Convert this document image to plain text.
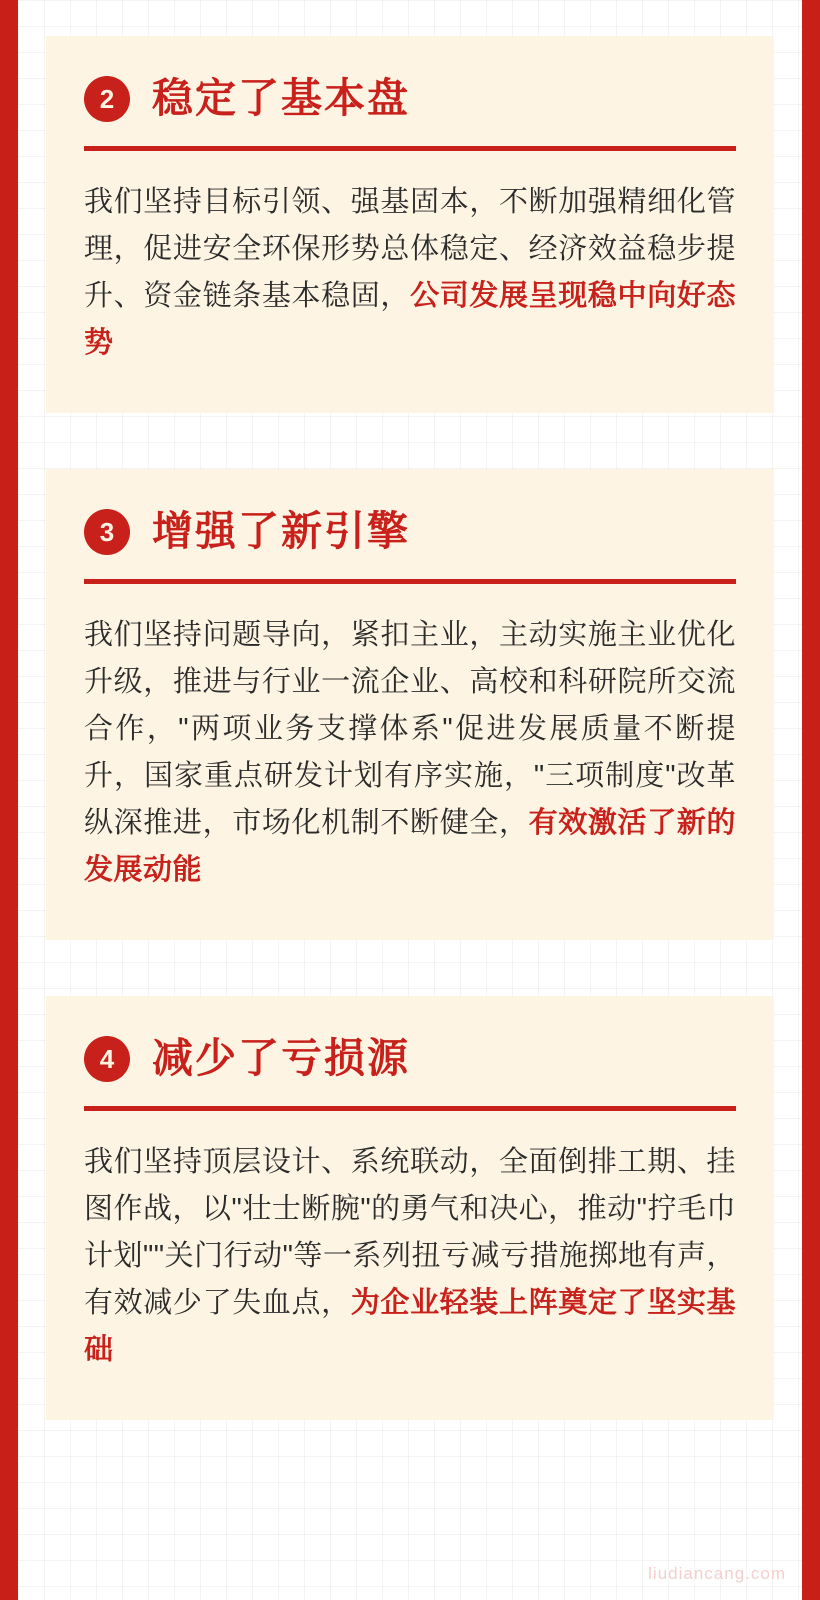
2 稳定了基本盘

我们坚持目标引领、强基固本，不断加强精细化管理，促进安全环保形势总体稳定、经济效益稳步提升、资金链条基本稳固，公司发展呈现稳中向好态势

3 增强了新引擎

我们坚持问题导向，紧扣主业，主动实施主业优化升级，推进与行业一流企业、高校和科研院所交流合作，"两项业务支撑体系"促进发展质量不断提升，国家重点研发计划有序实施，"三项制度"改革纵深推进，市场化机制不断健全，有效激活了新的发展动能

4 减少了亏损源

我们坚持顶层设计、系统联动，全面倒排工期、挂图作战，以"壮士断腕"的勇气和决心，推动"拧毛巾计划""关门行动"等一系列扭亏减亏措施掷地有声，有效减少了失血点，为企业轻装上阵奠定了坚实基础

liudiancang.com
